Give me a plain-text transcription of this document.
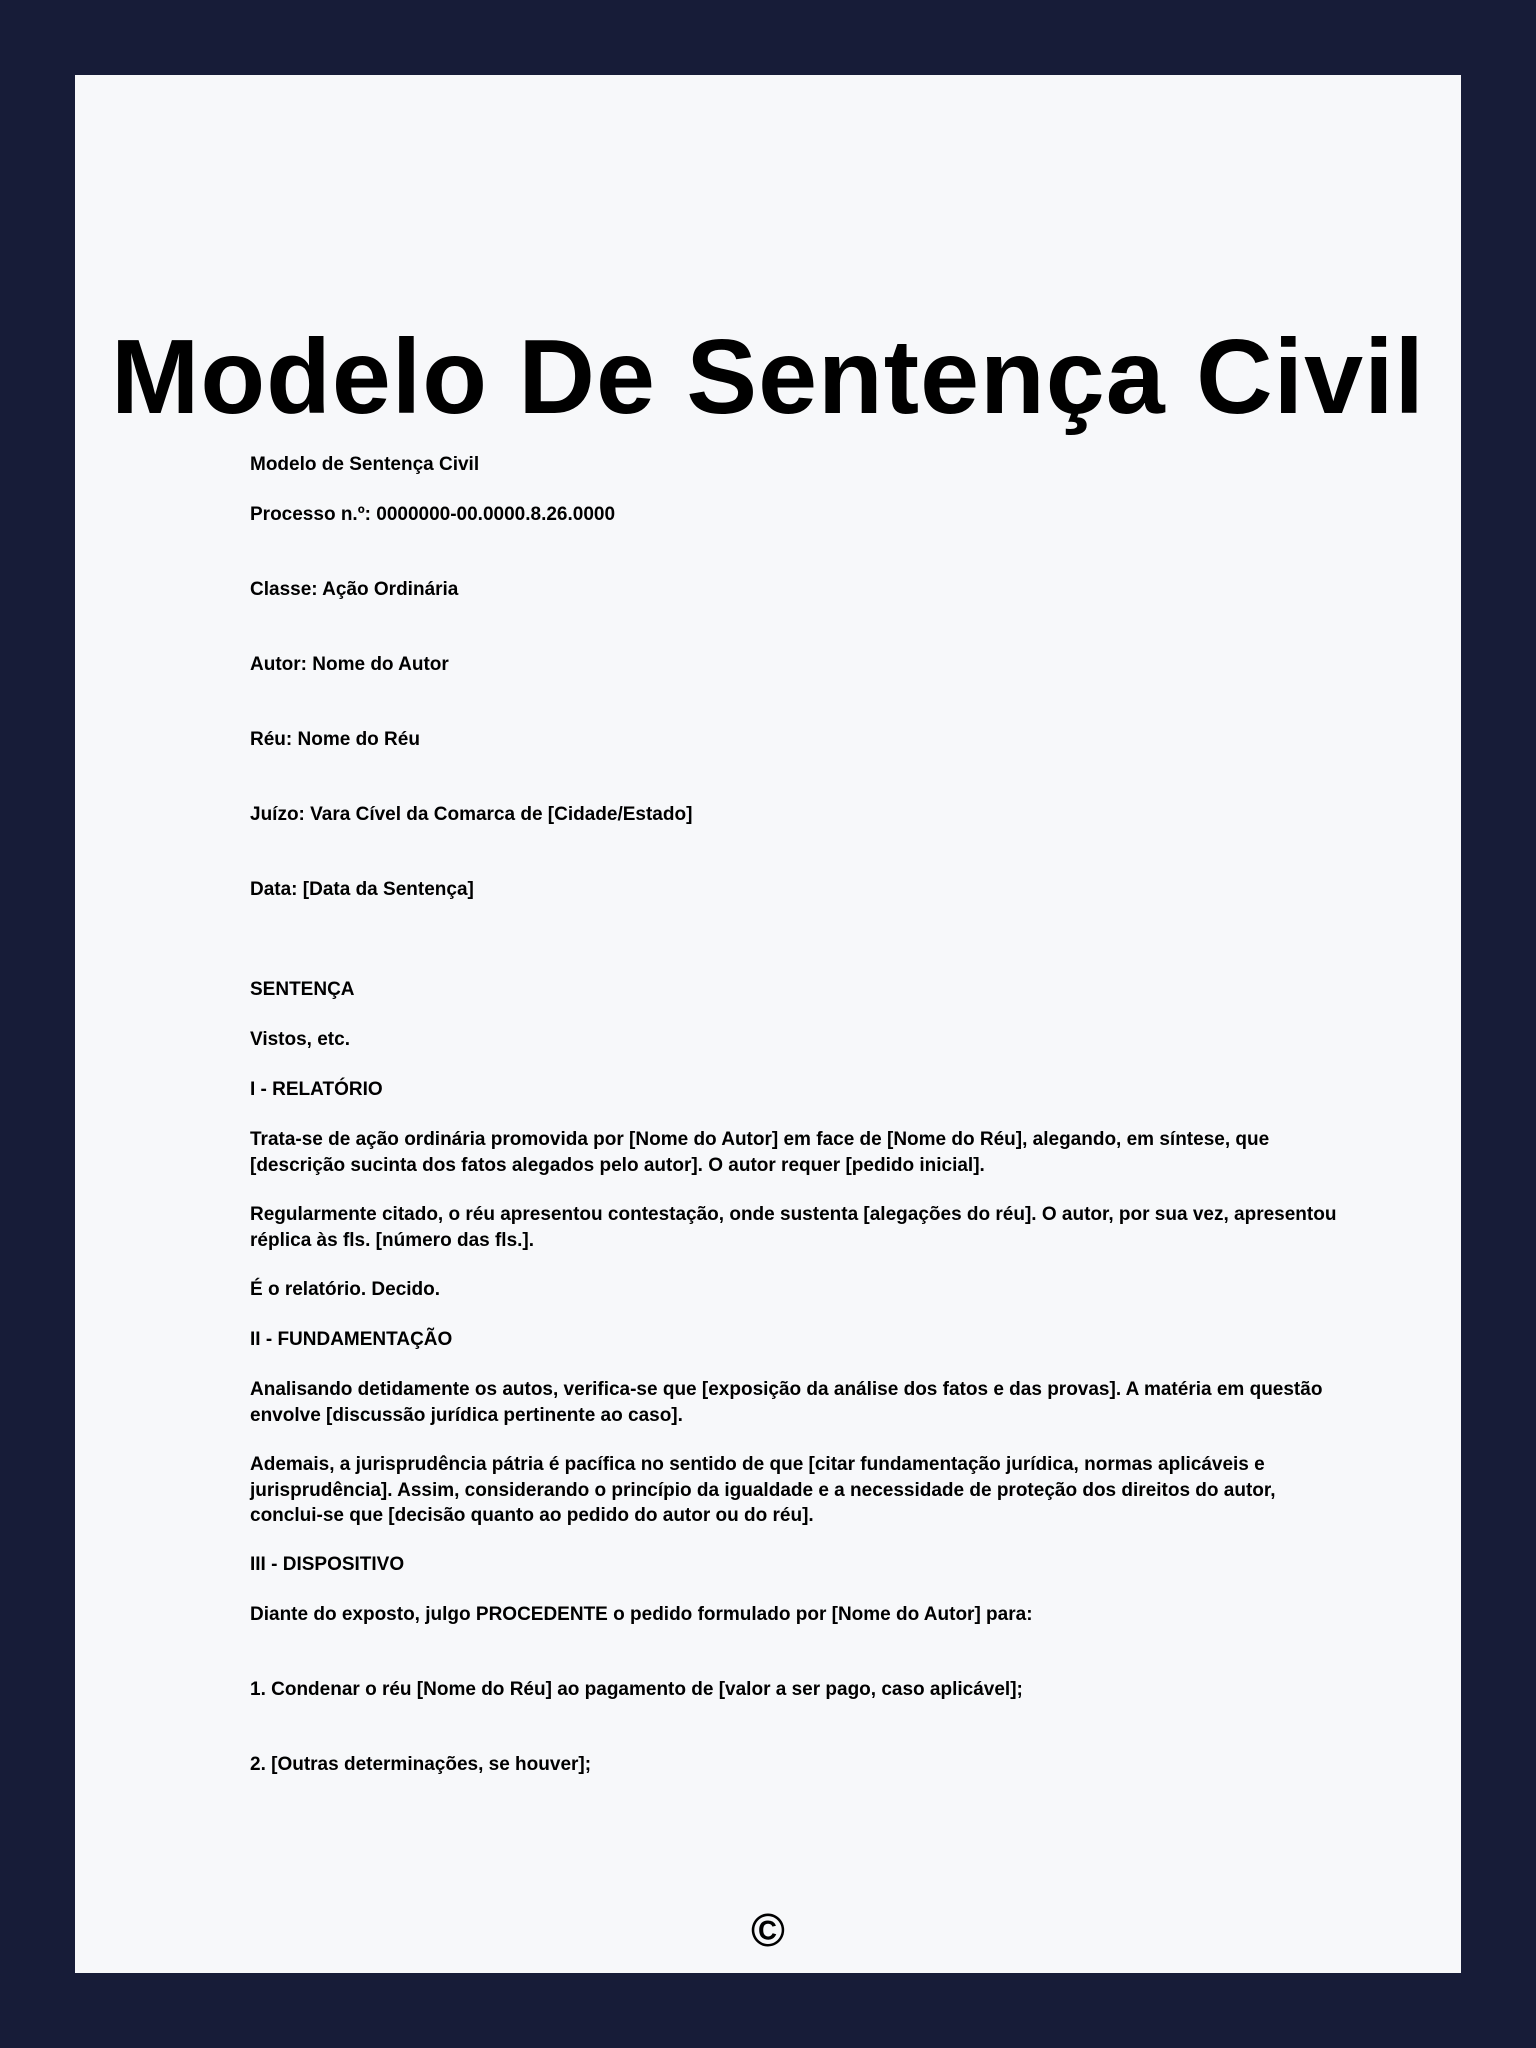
Modelo De Sentença Civil

Modelo de Sentença Civil

Processo n.º: 0000000-00.0000.8.26.0000

Classe: Ação Ordinária

Autor: Nome do Autor

Réu: Nome do Réu

Juízo: Vara Cível da Comarca de [Cidade/Estado]

Data: [Data da Sentença]

SENTENÇA

Vistos, etc.

I - RELATÓRIO

Trata-se de ação ordinária promovida por [Nome do Autor] em face de [Nome do Réu], alegando, em síntese, que [descrição sucinta dos fatos alegados pelo autor]. O autor requer [pedido inicial].

Regularmente citado, o réu apresentou contestação, onde sustenta [alegações do réu]. O autor, por sua vez, apresentou réplica às fls. [número das fls.].

É o relatório. Decido.

II - FUNDAMENTAÇÃO

Analisando detidamente os autos, verifica-se que [exposição da análise dos fatos e das provas]. A matéria em questão envolve [discussão jurídica pertinente ao caso].

Ademais, a jurisprudência pátria é pacífica no sentido de que [citar fundamentação jurídica, normas aplicáveis e jurisprudência]. Assim, considerando o princípio da igualdade e a necessidade de proteção dos direitos do autor, conclui-se que [decisão quanto ao pedido do autor ou do réu].

III - DISPOSITIVO

Diante do exposto, julgo PROCEDENTE o pedido formulado por [Nome do Autor] para:

1. Condenar o réu [Nome do Réu] ao pagamento de [valor a ser pago, caso aplicável];

2. [Outras determinações, se houver];

©
